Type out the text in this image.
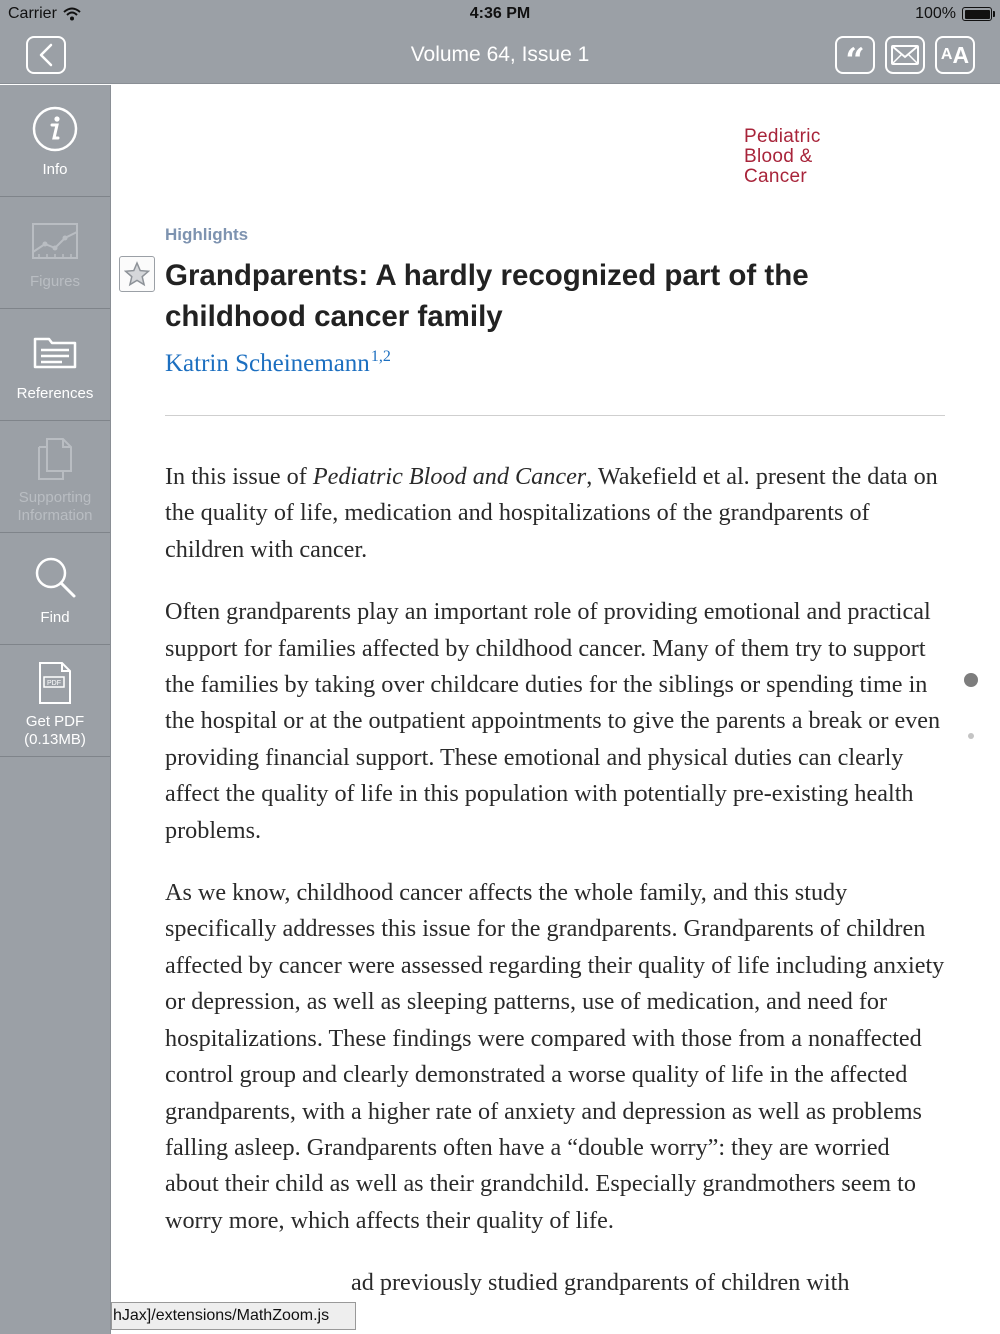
Carrier	4:36 PM	100%
Volume 64, Issue 1	“	A A
Info
Figures
References
Supporting
Information
Find
PDF
Get PDF
(0.13MB)
Pediatric
Blood &
Cancer
Highlights
Grandparents: A hardly recognized part of the childhood cancer family
Katrin Scheinemann$^{1,2}$

In this issue of Pediatric Blood and Cancer, Wakefield et al. present the data on the quality of life, medication and hospitalizations of the grandparents of children with cancer.

Often grandparents play an important role of providing emotional and practical support for families affected by childhood cancer. Many of them try to support the families by taking over childcare duties for the siblings or spending time in the hospital or at the outpatient appointments to give the parents a break or even providing financial support. These emotional and physical duties can clearly affect the quality of life in this population with potentially pre-existing health problems.

As we know, childhood cancer affects the whole family, and this study specifically addresses this issue for the grandparents. Grandparents of children affected by cancer were assessed regarding their quality of life including anxiety or depression, as well as sleeping patterns, use of medication, and need for hospitalizations. These findings were compared with those from a nonaffected control group and clearly demonstrated a worse quality of life in the affected grandparents, with a higher rate of anxiety and depression as well as problems falling asleep. Grandparents often have a “double worry”: they are worried about their child as well as their grandchild. Especially grandmothers seem to worry more, which affects their quality of life.

ad previously studied grandparents of children with

hJax]/extensions/MathZoom.js
